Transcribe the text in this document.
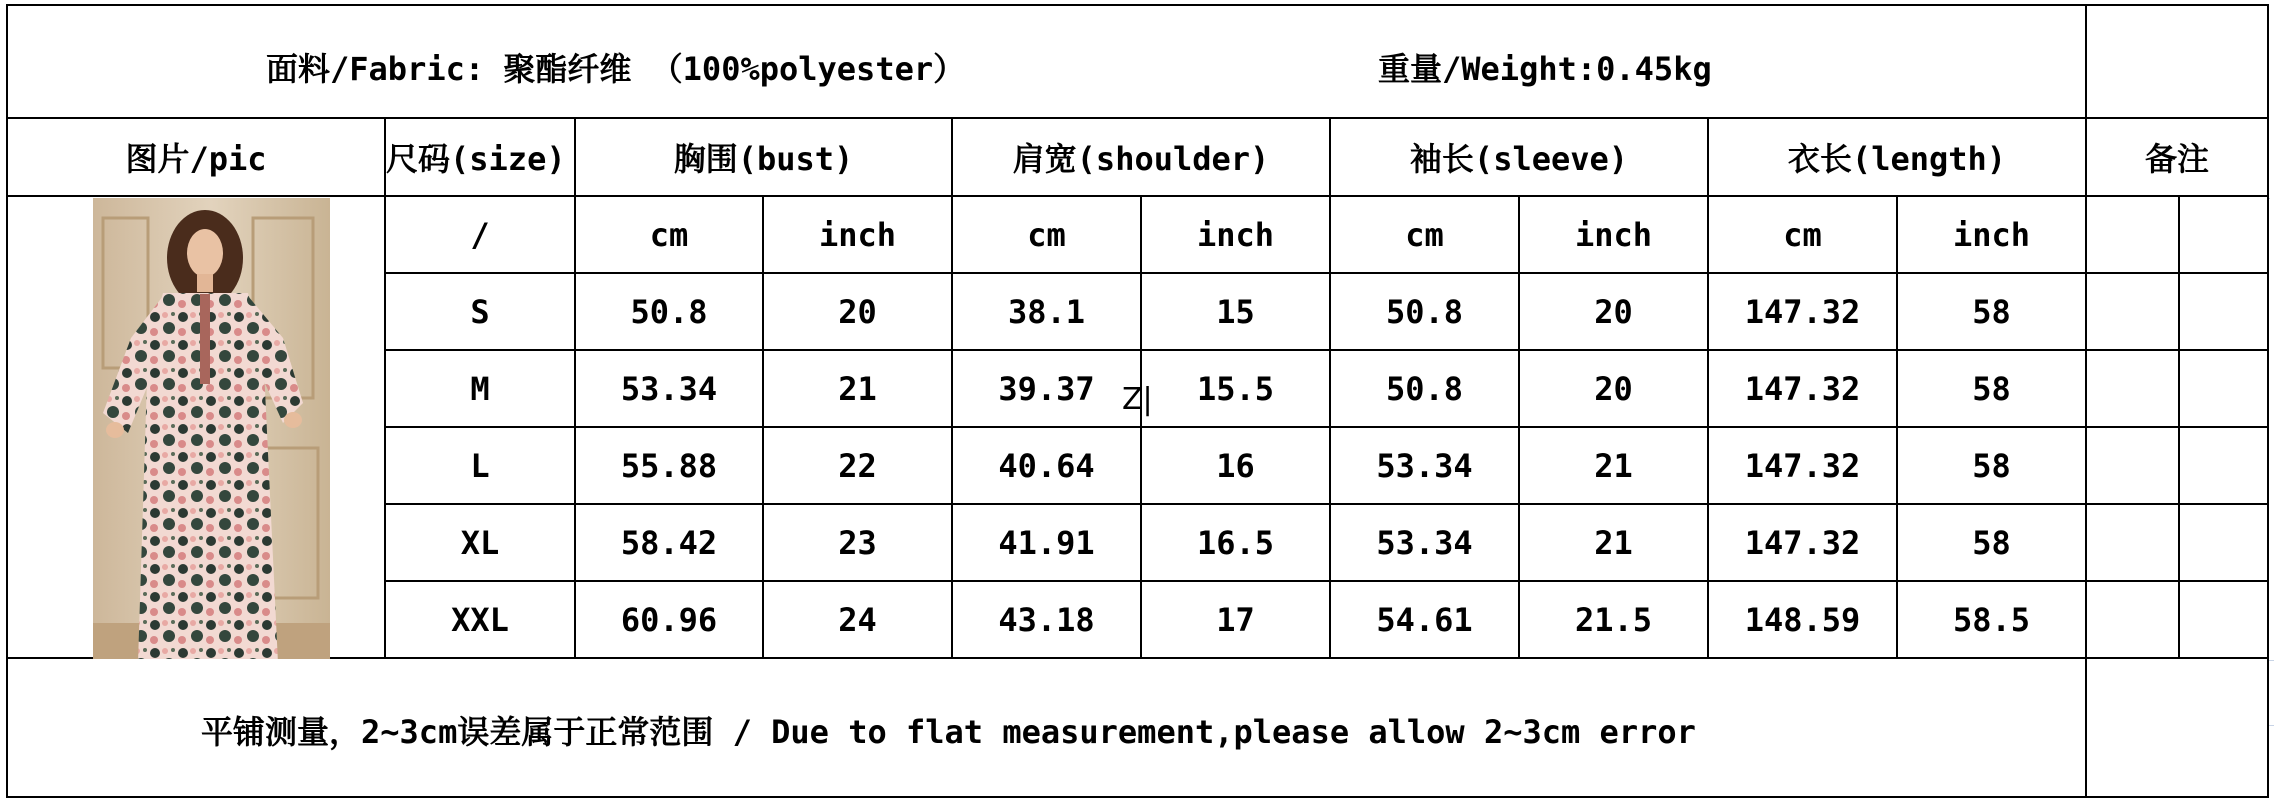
面料/Fabric: 聚酯纤维 （100%polyester） 重量/Weight:0.45kg											

图片/pic	尺码(size)	胸围(bust)		肩宽(shoulder)		袖长(sleeve)		衣长(length)		备注	

	/	cm	inch	cm	inch	cm	inch	cm	inch		
	S	50.8	20	38.1	15	50.8	20	147.32	58		
	M	53.34	21	39.37	15.5	50.8	20	147.32	58		
	L	55.88	22	40.64	16	53.34	21	147.32	58		
	XL	58.42	23	41.91	16.5	53.34	21	147.32	58		
	XXL	60.96	24	43.18	17	54.61	21.5	148.59	58.5		

平铺测量，2~3cm误差属于正常范围 / Due to flat measurement,please allow 2~3cm error											

Z|
